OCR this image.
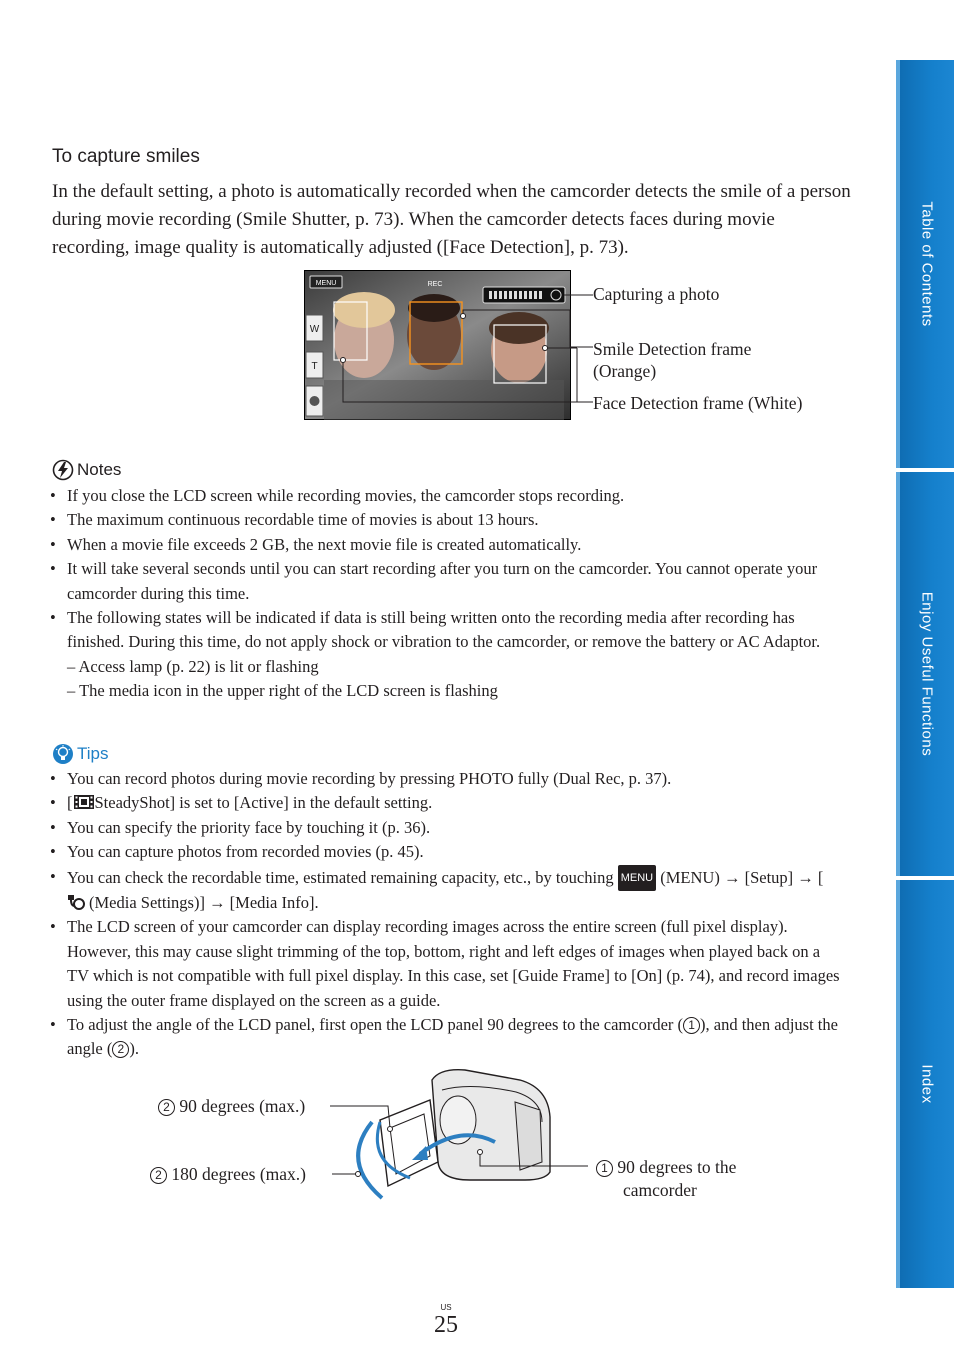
To capture smiles

In the default setting, a photo is automatically recorded when the camcorder detects the smile of a person during movie recording (Smile Shutter, p. 73). When the camcorder detects faces during movie recording, image quality is automatically adjusted ([Face Detection], p. 73).

MENU	REC
W
T
Capturing a photo
Smile Detection frame
(Orange)
Face Detection frame (White)
Notes
• If you close the LCD screen while recording movies, the camcorder stops recording.
• The maximum continuous recordable time of movies is about 13 hours.
• When a movie file exceeds 2 GB, the next movie file is created automatically.
• It will take several seconds until you can start recording after you turn on the camcorder. You cannot operate your camcorder during this time.
• The following states will be indicated if data is still being written onto the recording media after recording has finished. During this time, do not apply shock or vibration to the camcorder, or remove the battery or AC Adaptor.
– Access lamp (p. 22) is lit or flashing
– The media icon in the upper right of the LCD screen is flashing
Tips
• You can record photos during movie recording by pressing PHOTO fully (Dual Rec, p. 37).
• [ SteadyShot] is set to [Active] in the default setting.
• You can specify the priority face by touching it (p. 36).
• You can capture photos from recorded movies (p. 45).
• You can check the recordable time, estimated remaining capacity, etc., by touching MENU (MENU) → [Setup] → [(Media Settings)] → [Media Info].
• The LCD screen of your camcorder can display recording images across the entire screen (full pixel display). However, this may cause slight trimming of the top, bottom, right and left edges of images when played back on a TV which is not compatible with full pixel display. In this case, set [Guide Frame] to [On] (p. 74), and record images using the outer frame displayed on the screen as a guide.
• To adjust the angle of the LCD panel, first open the LCD panel 90 degrees to the camcorder ( 1 ), and then adjust the angle ( 2 ).
2 90 degrees (max.)
2 180 degrees (max.)	1 90 degrees to the
camcorder
Table of Contents
Enjoy Useful Functions
Index
US
25
